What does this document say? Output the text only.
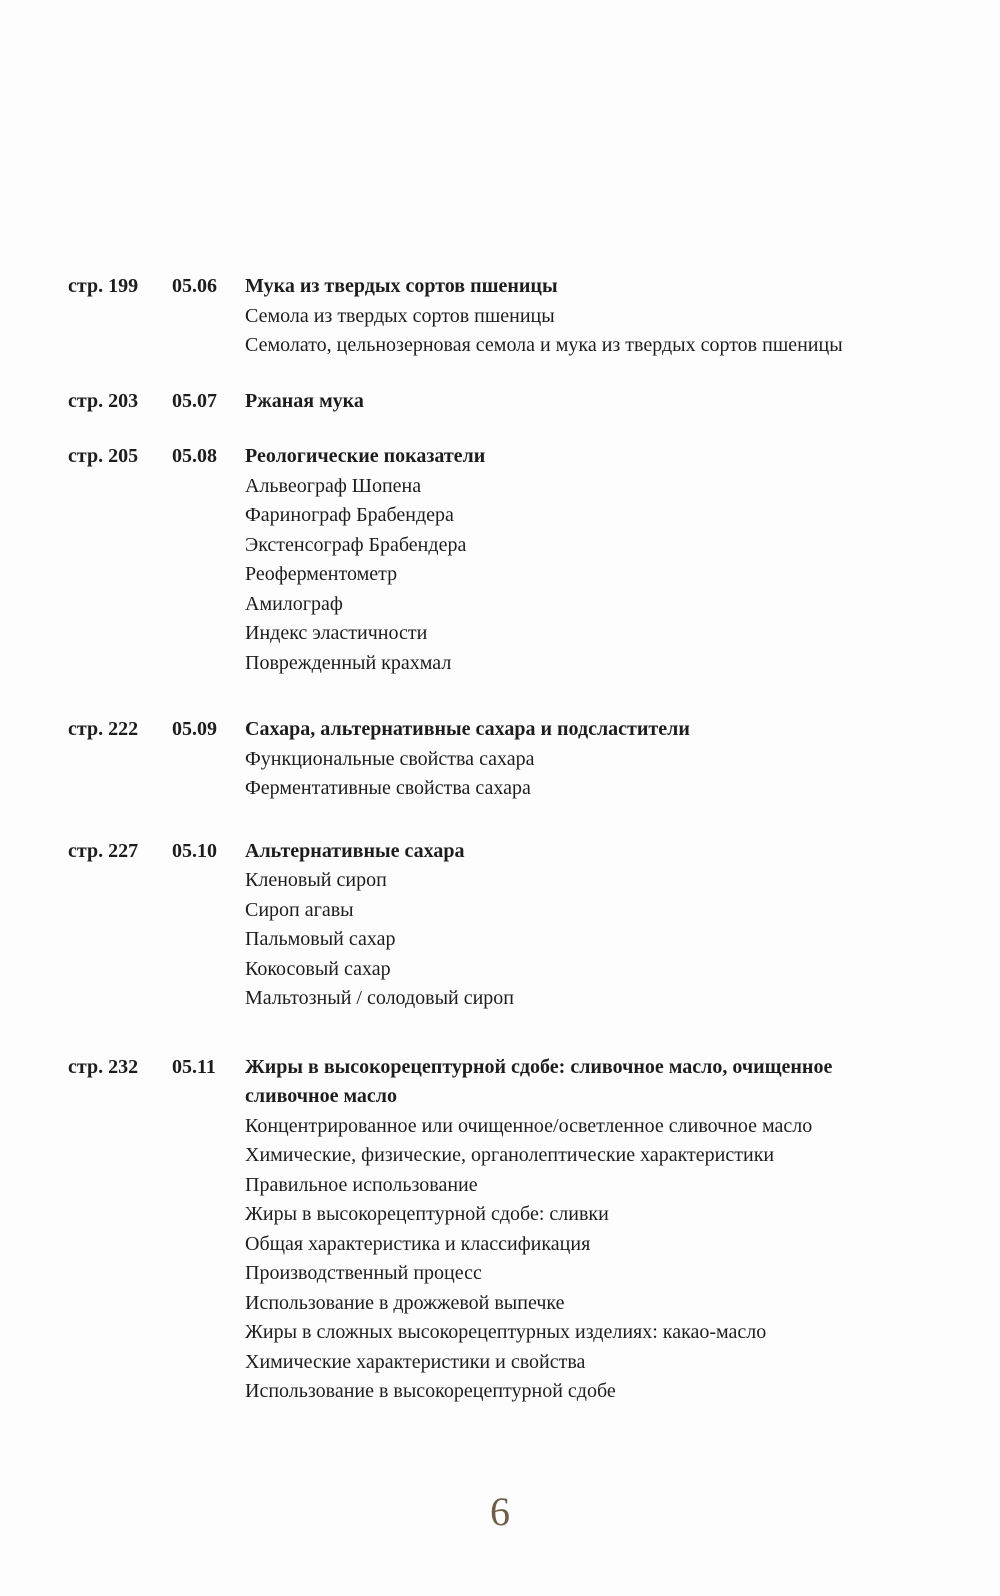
стр. 199	05.06	Мука из твердых сортов пшеницы
Семола из твердых сортов пшеницы
Семолато, цельнозерновая семола и мука из твердых сортов пшеницы
стр. 203	05.07	Ржаная мука
стр. 205	05.08	Реологические показатели
Альвеограф Шопена
Фаринограф Брабендера
Экстенсограф Брабендера
Реоферментометр
Амилограф
Индекс эластичности
Поврежденный крахмал
стр. 222	05.09	Сахара, альтернативные сахара и подсластители
Функциональные свойства сахара
Ферментативные свойства сахара
стр. 227	05.10	Альтернативные сахара
Кленовый сироп
Сироп агавы
Пальмовый сахар
Кокосовый сахар
Мальтозный / солодовый сироп
стр. 232	05.11	Жиры в высокорецептурной сдобе: сливочное масло, очищенное сливочное масло
Концентрированное или очищенное/осветленное сливочное масло
Химические, физические, органолептические характеристики
Правильное использование
Жиры в высокорецептурной сдобе: сливки
Общая характеристика и классификация
Производственный процесс
Использование в дрожжевой выпечке
Жиры в сложных высокорецептурных изделиях: какао-масло
Химические характеристики и свойства
Использование в высокорецептурной сдобе
6
